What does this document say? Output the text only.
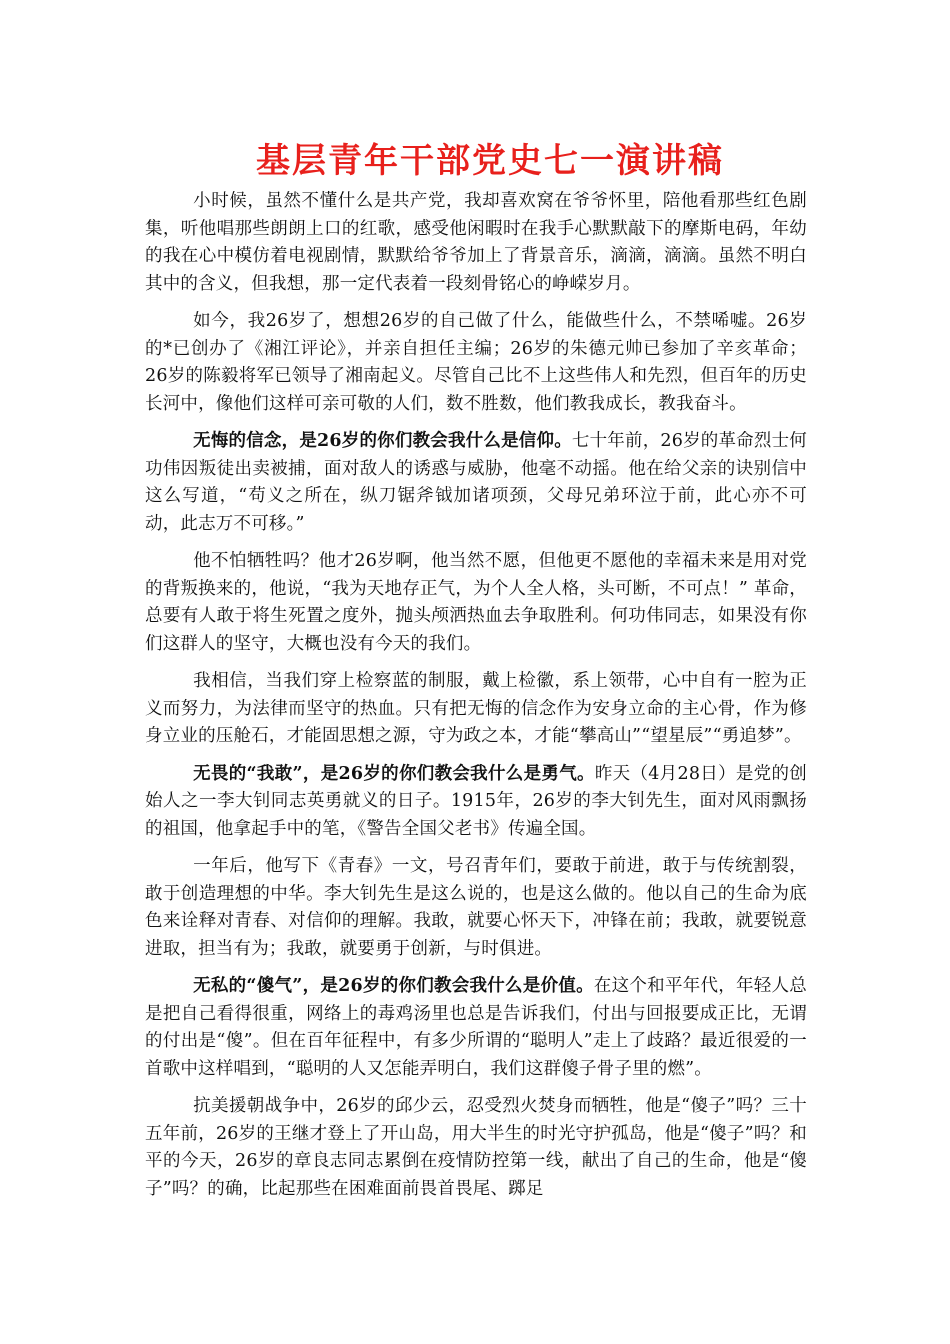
基层青年干部党史七一演讲稿

小时候，虽然不懂什么是共产党，我却喜欢窝在爷爷怀里，陪他看那些红色剧集，听他唱那些朗朗上口的红歌，感受他闲暇时在我手心默默敲下的摩斯电码，年幼的我在心中模仿着电视剧情，默默给爷爷加上了背景音乐，滴滴，滴滴。虽然不明白其中的含义，但我想，那一定代表着一段刻骨铭心的峥嵘岁月。

如今，我26岁了，想想26岁的自己做了什么，能做些什么，不禁唏嘘。26岁的*已创办了《湘江评论》，并亲自担任主编；26岁的朱德元帅已参加了辛亥革命；26岁的陈毅将军已领导了湘南起义。尽管自己比不上这些伟人和先烈，但百年的历史长河中，像他们这样可亲可敬的人们，数不胜数，他们教我成长，教我奋斗。

无悔的信念，是26岁的你们教会我什么是信仰。七十年前，26岁的革命烈士何功伟因叛徒出卖被捕，面对敌人的诱惑与威胁，他毫不动摇。他在给父亲的诀别信中这么写道，“苟义之所在，纵刀锯斧钺加诸项颈，父母兄弟环泣于前，此心亦不可动，此志万不可移。”

他不怕牺牲吗？他才26岁啊，他当然不愿，但他更不愿他的幸福未来是用对党的背叛换来的，他说，“我为天地存正气，为个人全人格，头可断，不可点！” 革命，总要有人敢于将生死置之度外，抛头颅洒热血去争取胜利。何功伟同志，如果没有你们这群人的坚守，大概也没有今天的我们。

我相信，当我们穿上检察蓝的制服，戴上检徽，系上领带，心中自有一腔为正义而努力，为法律而坚守的热血。只有把无悔的信念作为安身立命的主心骨，作为修身立业的压舱石，才能固思想之源，守为政之本，才能“攀高山”“望星辰”“勇追梦”。

无畏的“我敢”，是26岁的你们教会我什么是勇气。昨天（4月28日）是党的创始人之一李大钊同志英勇就义的日子。1915年，26岁的李大钊先生，面对风雨飘扬的祖国，他拿起手中的笔，《警告全国父老书》传遍全国。

一年后，他写下《青春》一文，号召青年们，要敢于前进，敢于与传统割裂，敢于创造理想的中华。李大钊先生是这么说的，也是这么做的。他以自己的生命为底色来诠释对青春、对信仰的理解。我敢，就要心怀天下，冲锋在前；我敢，就要锐意进取，担当有为；我敢，就要勇于创新，与时俱进。

无私的“傻气”，是26岁的你们教会我什么是价值。在这个和平年代，年轻人总是把自己看得很重，网络上的毒鸡汤里也总是告诉我们，付出与回报要成正比，无谓的付出是“傻”。但在百年征程中，有多少所谓的“聪明人”走上了歧路？最近很爱的一首歌中这样唱到，“聪明的人又怎能弄明白，我们这群傻子骨子里的燃”。

抗美援朝战争中，26岁的邱少云，忍受烈火焚身而牺牲，他是“傻子”吗？三十五年前，26岁的王继才登上了开山岛，用大半生的时光守护孤岛，他是“傻子”吗？和平的今天，26岁的章良志同志累倒在疫情防控第一线，献出了自己的生命，他是“傻子”吗？的确，比起那些在困难面前畏首畏尾、踯足
